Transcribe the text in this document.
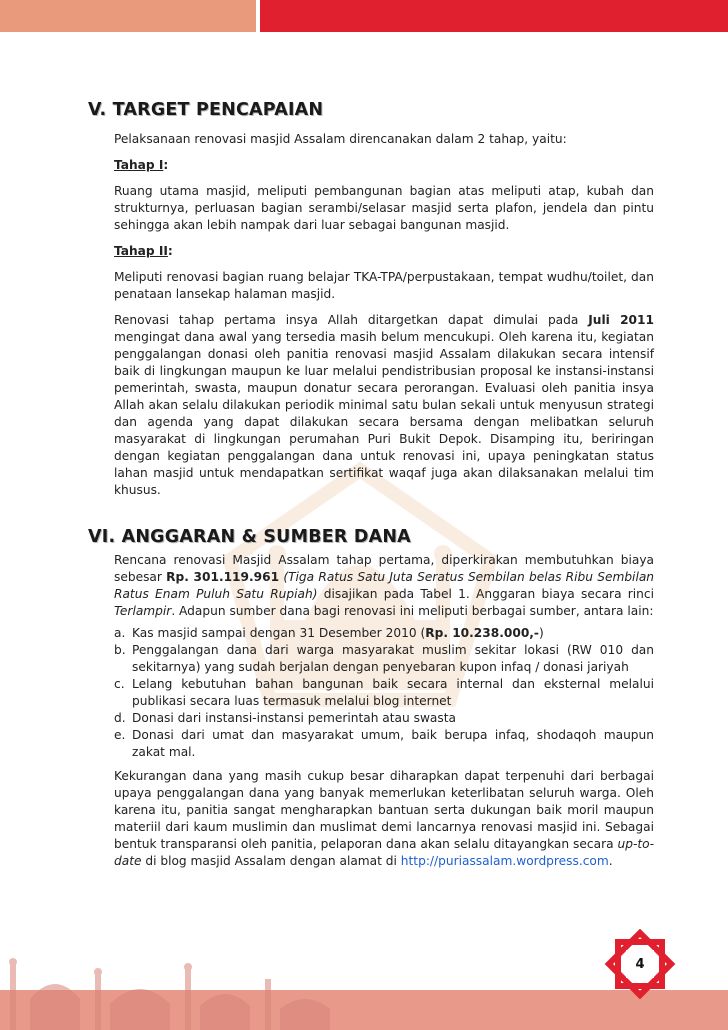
V. TARGET PENCAPAIAN

Pelaksanaan renovasi masjid Assalam direncanakan dalam 2 tahap, yaitu:

Tahap I:

Ruang utama masjid, meliputi pembangunan bagian atas meliputi atap, kubah dan strukturnya, perluasan bagian serambi/selasar masjid serta plafon, jendela dan pintu sehingga akan lebih nampak dari luar sebagai bangunan masjid.

Tahap II:

Meliputi renovasi bagian ruang belajar TKA-TPA/perpustakaan, tempat wudhu/toilet, dan penataan lansekap halaman masjid.

Renovasi tahap pertama insya Allah ditargetkan dapat dimulai pada Juli 2011 mengingat dana awal yang tersedia masih belum mencukupi. Oleh karena itu, kegiatan penggalangan donasi oleh panitia renovasi masjid Assalam dilakukan secara intensif baik di lingkungan maupun ke luar melalui pendistribusian proposal ke instansi-instansi pemerintah, swasta, maupun donatur secara perorangan. Evaluasi oleh panitia insya Allah akan selalu dilakukan periodik minimal satu bulan sekali untuk menyusun strategi dan agenda yang dapat dilakukan secara bersama dengan melibatkan seluruh masyarakat di lingkungan perumahan Puri Bukit Depok. Disamping itu, beriringan dengan kegiatan penggalangan dana untuk renovasi ini, upaya peningkatan status lahan masjid untuk mendapatkan sertifikat waqaf juga akan dilaksanakan melalui tim khusus.

VI. ANGGARAN & SUMBER DANA

Rencana renovasi Masjid Assalam tahap pertama, diperkirakan membutuhkan biaya sebesar Rp. 301.119.961 (Tiga Ratus Satu Juta Seratus Sembilan belas Ribu Sembilan Ratus Enam Puluh Satu Rupiah) disajikan pada Tabel 1. Anggaran biaya secara rinci Terlampir. Adapun sumber dana bagi renovasi ini meliputi berbagai sumber, antara lain:

a. Kas masjid sampai dengan 31 Desember 2010 (Rp. 10.238.000,-)
b. Penggalangan dana dari warga masyarakat muslim sekitar lokasi (RW 010 dan sekitarnya) yang sudah berjalan dengan penyebaran kupon infaq / donasi jariyah
c. Lelang kebutuhan bahan bangunan baik secara internal dan eksternal melalui publikasi secara luas termasuk melalui blog internet
d. Donasi dari instansi-instansi pemerintah atau swasta
e. Donasi dari umat dan masyarakat umum, baik berupa infaq, shodaqoh maupun zakat mal.

Kekurangan dana yang masih cukup besar diharapkan dapat terpenuhi dari berbagai upaya penggalangan dana yang banyak memerlukan keterlibatan seluruh warga. Oleh karena itu, panitia sangat mengharapkan bantuan serta dukungan baik moril maupun materiil dari kaum muslimin dan muslimat demi lancarnya renovasi masjid ini. Sebagai bentuk transparansi oleh panitia, pelaporan dana akan selalu ditayangkan secara up-to-date di blog masjid Assalam dengan alamat di http://puriassalam.wordpress.com.

4
